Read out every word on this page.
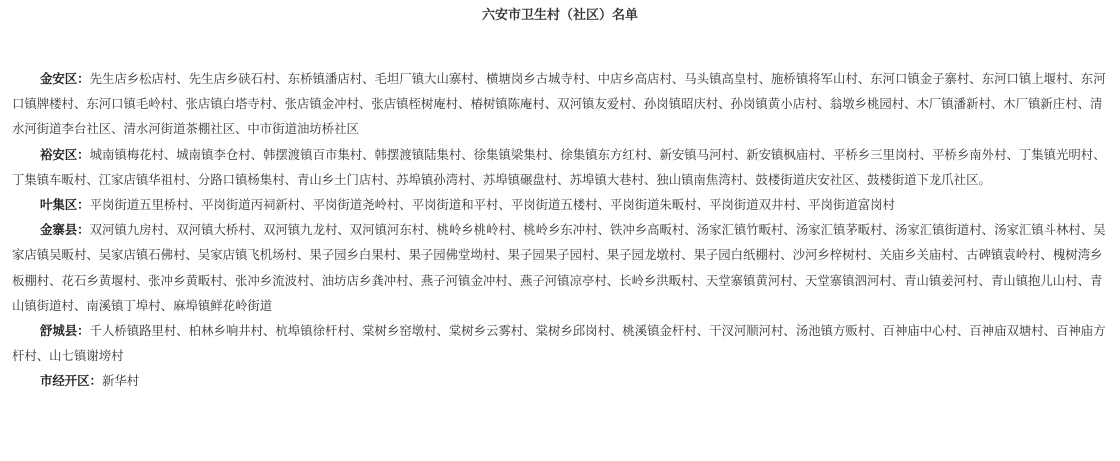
六安市卫生村（社区）名单

金安区：先生店乡松店村、先生店乡硖石村、东桥镇潘店村、毛坦厂镇大山寨村、横塘岗乡古城寺村、中店乡高店村、马头镇高皇村、施桥镇将军山村、东河口镇金子寨村、东河口镇上堰村、东河口镇牌楼村、东河口镇毛岭村、张店镇白塔寺村、张店镇金冲村、张店镇桎树庵村、椿树镇陈庵村、双河镇友爱村、孙岗镇昭庆村、孙岗镇黄小店村、翁墩乡桃园村、木厂镇潘新村、木厂镇新庄村、清水河街道李台社区、清水河街道茶棚社区、中市街道油坊桥社区

裕安区：城南镇梅花村、城南镇李仓村、韩摆渡镇百市集村、韩摆渡镇陆集村、徐集镇梁集村、徐集镇东方红村、新安镇马河村、新安镇枫庙村、平桥乡三里岗村、平桥乡南外村、丁集镇光明村、丁集镇车畈村、江家店镇华祖村、分路口镇杨集村、青山乡土门店村、苏埠镇孙湾村、苏埠镇碾盘村、苏埠镇大巷村、独山镇南焦湾村、鼓楼街道庆安社区、鼓楼街道下龙爪社区。

叶集区：平岗街道五里桥村、平岗街道丙祠新村、平岗街道尧岭村、平岗街道和平村、平岗街道五楼村、平岗街道朱畈村、平岗街道双井村、平岗街道富岗村

金寨县：双河镇九房村、双河镇大桥村、双河镇九龙村、双河镇河东村、桃岭乡桃岭村、桃岭乡东冲村、铁冲乡高畈村、汤家汇镇竹畈村、汤家汇镇茅畈村、汤家汇镇街道村、汤家汇镇斗林村、吴家店镇吴畈村、吴家店镇石佛村、吴家店镇飞机场村、果子园乡白果村、果子园佛堂坳村、果子园果子园村、果子园龙墩村、果子园白纸棚村、沙河乡梓树村、关庙乡关庙村、古碑镇袁岭村、槐树湾乡板棚村、花石乡黄堰村、张冲乡黄畈村、张冲乡流波村、油坊店乡龚冲村、燕子河镇金冲村、燕子河镇凉亭村、长岭乡洪畈村、天堂寨镇黄河村、天堂寨镇泗河村、青山镇姜河村、青山镇抱儿山村、青山镇街道村、南溪镇丁埠村、麻埠镇鲜花岭街道

舒城县：千人桥镇路里村、柏林乡响井村、杭埠镇徐杆村、棠树乡窑墩村、棠树乡云雾村、棠树乡邱岗村、桃溪镇金杆村、干汊河顺河村、汤池镇方贩村、百神庙中心村、百神庙双塘村、百神庙方杆村、山七镇谢塝村

市经开区：新华村
